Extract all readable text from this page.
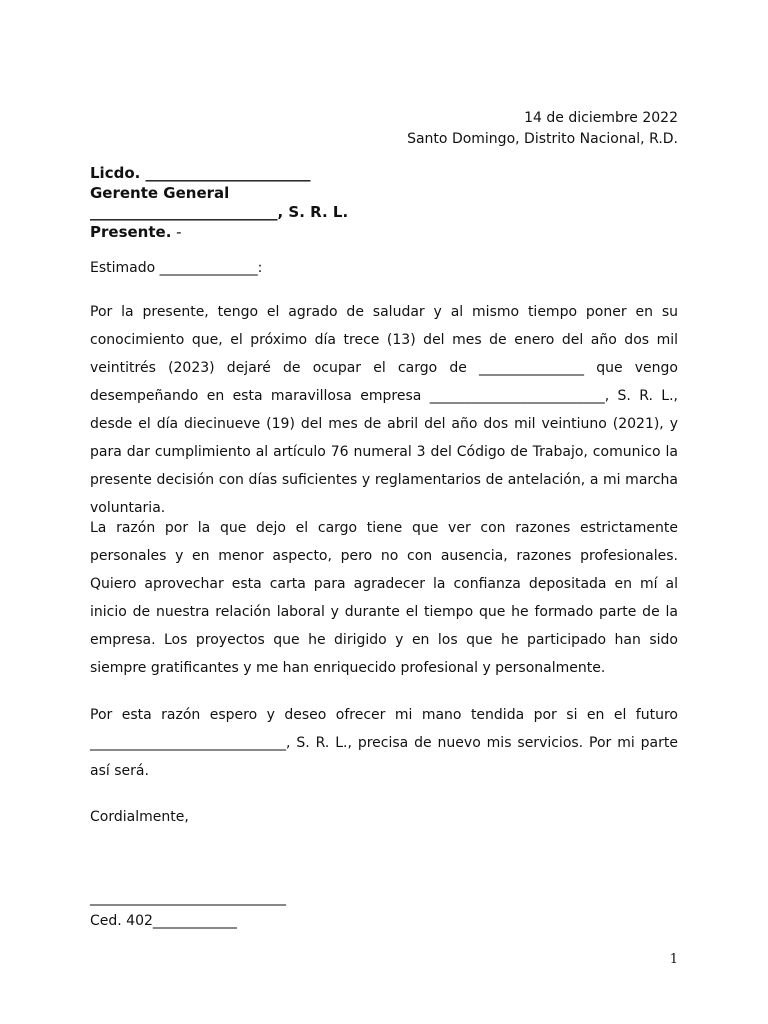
14 de diciembre 2022
Santo Domingo, Distrito Nacional, R.D.
Licdo. ______________________
Gerente General
_________________________, S. R. L.
Presente. -
Estimado ______________:

Por la presente, tengo el agrado de saludar y al mismo tiempo poner en su conocimiento que, el próximo día trece (13) del mes de enero del año dos mil veintitrés (2023) dejaré de ocupar el cargo de _______________ que vengo desempeñando en esta maravillosa empresa _________________________, S. R. L., desde el día diecinueve (19) del mes de abril del año dos mil veintiuno (2021), y para dar cumplimiento al artículo 76 numeral 3 del Código de Trabajo, comunico la presente decisión con días suficientes y reglamentarios de antelación, a mi marcha voluntaria.

La razón por la que dejo el cargo tiene que ver con razones estrictamente personales y en menor aspecto, pero no con ausencia, razones profesionales. Quiero aprovechar esta carta para agradecer la confianza depositada en mí al inicio de nuestra relación laboral y durante el tiempo que he formado parte de la empresa. Los proyectos que he dirigido y en los que he participado han sido siempre gratificantes y me han enriquecido profesional y personalmente.

Por esta razón espero y deseo ofrecer mi mano tendida por si en el futuro ____________________________, S. R. L., precisa de nuevo mis servicios. Por mi parte así será.

Cordialmente,
____________________________
Ced. 402____________
1
